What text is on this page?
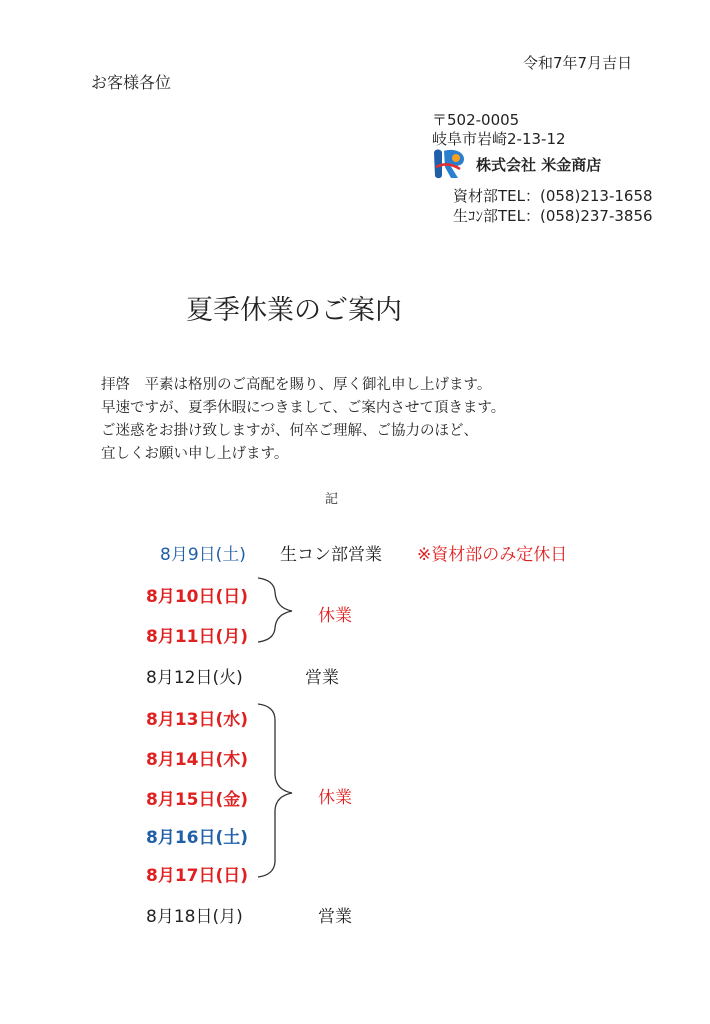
令和7年7月吉日
お客様各位
〒502-0005
岐阜市岩崎2-13-12
株式会社 米金商店
資材部TEL：(058)213-1658
生ｺﾝ部TEL：(058)237-3856
夏季休業のご案内
拝啓　平素は格別のご高配を賜り、厚く御礼申し上げます。
早速ですが、夏季休暇につきまして、ご案内させて頂きます。
ご迷惑をお掛け致しますが、何卒ご理解、ご協力のほど、
宜しくお願い申し上げます。
記
8月9日(土) 生コン部営業 ※資材部のみ定休日
8月10日(日)
8月11日(月)
休業
8月12日(火)	営業
8月13日(水)
8月14日(木)
8月15日(金)
8月16日(土)
8月17日(日)
休業
8月18日(月)	営業
